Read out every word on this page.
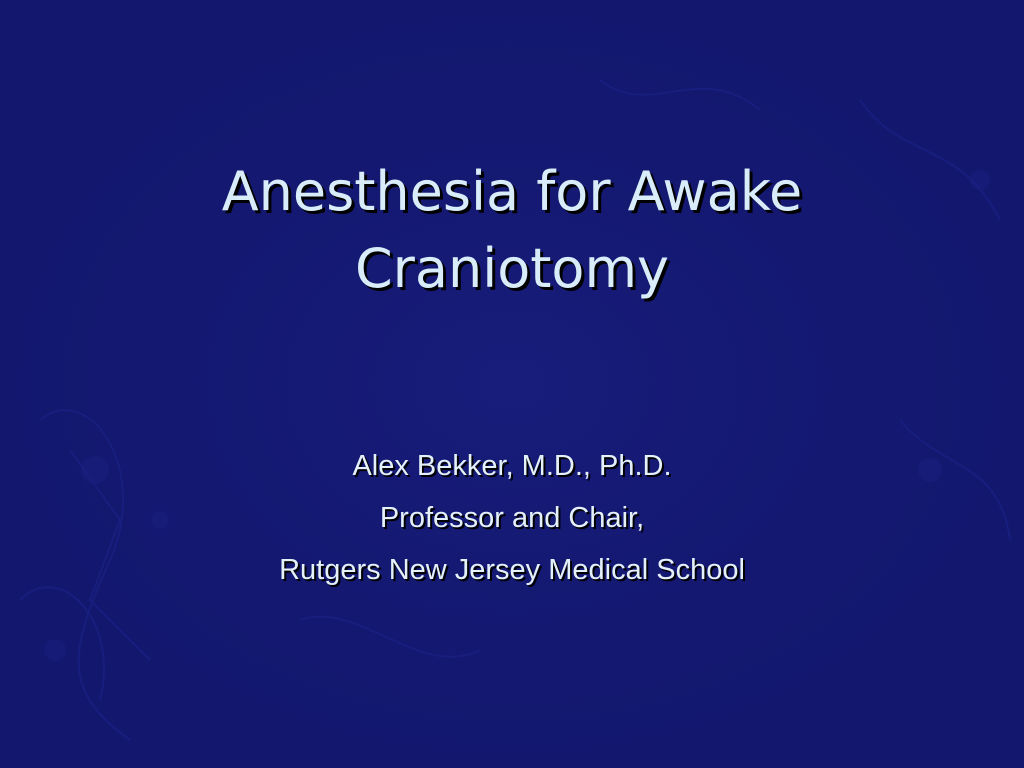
Anesthesia for Awake
Craniotomy
Alex Bekker, M.D., Ph.D.
Professor and Chair,
Rutgers New Jersey Medical School
